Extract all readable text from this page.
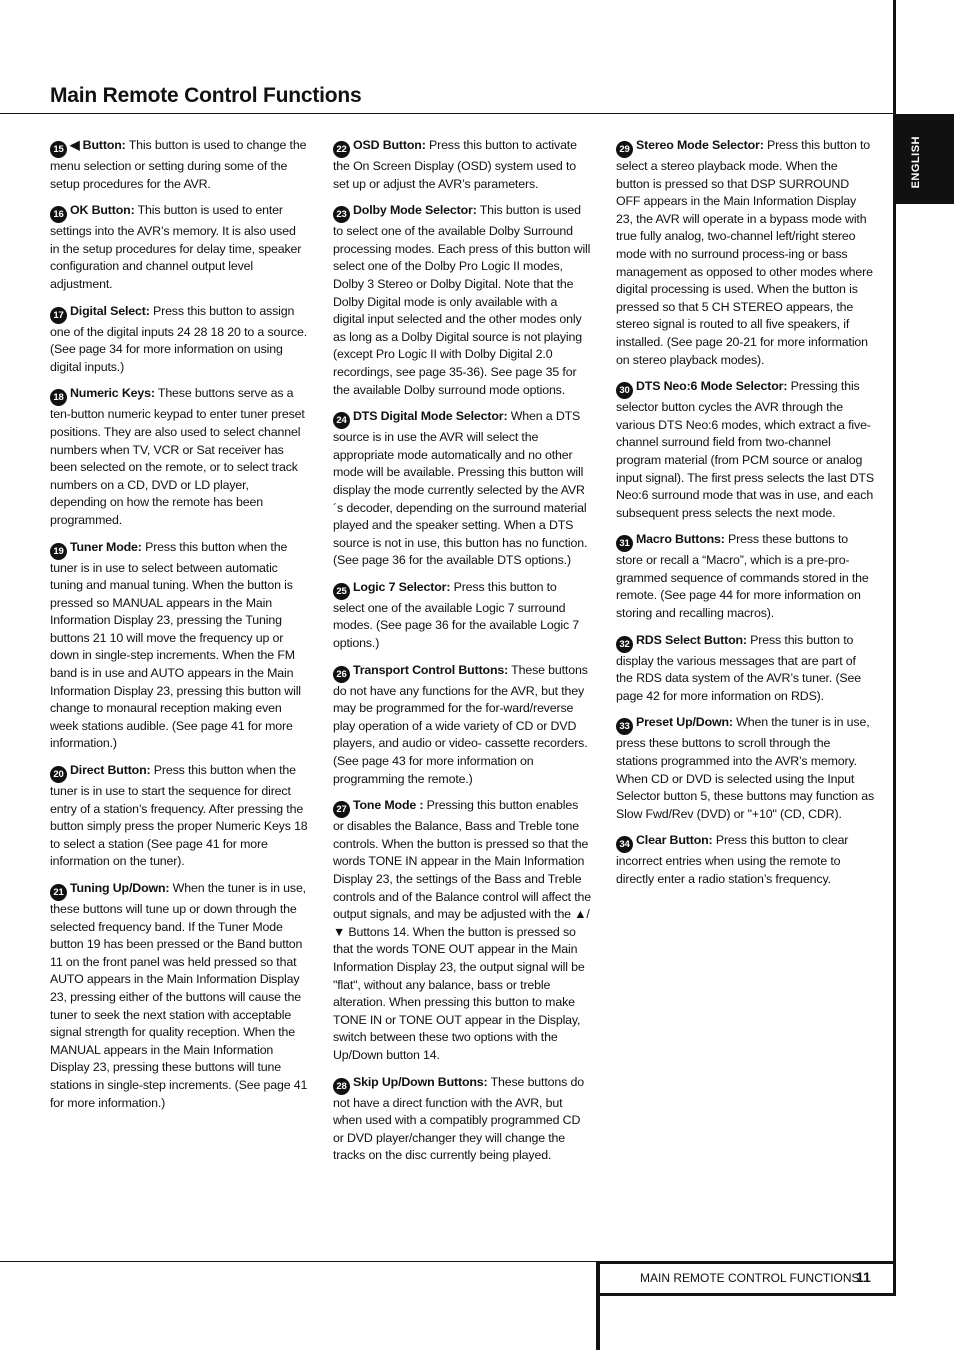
Main Remote Control Functions
ENGLISH
15 ◀ Button: This button is used to change the menu selection or setting during some of the setup procedures for the AVR.
16 OK Button: This button is used to enter settings into the AVR’s memory. It is also used in the setup procedures for delay time, speaker configuration and channel output level adjustment.
17 Digital Select: Press this button to assign one of the digital inputs 24 28 18 20 to a source. (See page 34 for more information on using digital inputs.)
18 Numeric Keys: These buttons serve as a ten-button numeric keypad to enter tuner preset positions. They are also used to select channel numbers when TV, VCR or Sat receiver has been selected on the remote, or to select track numbers on a CD, DVD or LD player, depending on how the remote has been programmed.
19 Tuner Mode: Press this button when the tuner is in use to select between automatic tuning and manual tuning. When the button is pressed so MANUAL appears in the Main Information Display 23, pressing the Tuning buttons 21 10 will move the frequency up or down in single-step increments. When the FM band is in use and AUTO appears in the Main Information Display 23, pressing this button will change to monaural reception making even week stations audible. (See page 41 for more information.)
20 Direct Button: Press this button when the tuner is in use to start the sequence for direct entry of a station’s frequency. After pressing the button simply press the proper Numeric Keys 18 to select a station (See page 41 for more information on the tuner).
21 Tuning Up/Down: When the tuner is in use, these buttons will tune up or down through the selected frequency band. If the Tuner Mode button 19 has been pressed or the Band button 11 on the front panel was held pressed so that AUTO appears in the Main Information Display 23, pressing either of the buttons will cause the tuner to seek the next station with acceptable signal strength for quality reception. When the MANUAL appears in the Main Information Display 23, pressing these buttons will tune stations in single-step increments. (See page 41 for more information.)
22 OSD Button: Press this button to activate the On Screen Display (OSD) system used to set up or adjust the AVR’s parameters.
23 Dolby Mode Selector: This button is used to select one of the available Dolby Surround processing modes. Each press of this button will select one of the Dolby Pro Logic II modes, Dolby 3 Stereo or Dolby Digital. Note that the Dolby Digital mode is only available with a digital input selected and the other modes only as long as a Dolby Digital source is not playing (except Pro Logic II with Dolby Digital 2.0 recordings, see page 35-36). See page 35 for the available Dolby surround mode options.
24 DTS Digital Mode Selector: When a DTS source is in use the AVR will select the appropriate mode automatically and no other mode will be available. Pressing this button will display the mode currently selected by the AVR´s decoder, depending on the surround material played and the speaker setting. When a DTS source is not in use, this button has no function. (See page 36 for the available DTS options.)
25 Logic 7 Selector: Press this button to select one of the available Logic 7 surround modes. (See page 36 for the available Logic 7 options.)
26 Transport Control Buttons: These buttons do not have any functions for the AVR, but they may be programmed for the for-ward/reverse play operation of a wide variety of CD or DVD players, and audio or video- cassette recorders. (See page 43 for more information on programming the remote.)
27 Tone Mode : Pressing this button enables or disables the Balance, Bass and Treble tone controls. When the button is pressed so that the words TONE IN appear in the Main Information Display 23, the settings of the Bass and Treble controls and of the Balance control will affect the output signals, and may be adjusted with the ▲/▼ Buttons 14. When the button is pressed so that the words TONE OUT appear in the Main Information Display 23, the output signal will be "flat", without any balance, bass or treble alteration. When pressing this button to make TONE IN or TONE OUT appear in the Display, switch between these two options with the Up/Down button 14.
28 Skip Up/Down Buttons: These buttons do not have a direct function with the AVR, but when used with a compatibly programmed CD or DVD player/changer they will change the tracks on the disc currently being played.
29 Stereo Mode Selector: Press this button to select a stereo playback mode. When the button is pressed so that DSP SURROUND OFF appears in the Main Information Display 23, the AVR will operate in a bypass mode with true fully analog, two-channel left/right stereo mode with no surround process-ing or bass management as opposed to other modes where digital processing is used. When the button is pressed so that 5 CH STEREO appears, the stereo signal is routed to all five speakers, if installed. (See page 20-21 for more information on stereo playback modes).
30 DTS Neo:6 Mode Selector: Pressing this selector button cycles the AVR through the various DTS Neo:6 modes, which extract a five-channel surround field from two-channel program material (from PCM source or analog input signal). The first press selects the last DTS Neo:6 surround mode that was in use, and each subsequent press selects the next mode.
31 Macro Buttons: Press these buttons to store or recall a “Macro”, which is a pre-pro-grammed sequence of commands stored in the remote. (See page 44 for more information on storing and recalling macros).
32 RDS Select Button: Press this button to display the various messages that are part of the RDS data system of the AVR’s tuner. (See page 42 for more information on RDS).
33 Preset Up/Down: When the tuner is in use, press these buttons to scroll through the stations programmed into the AVR’s memory. When CD or DVD is selected using the Input Selector button 5, these buttons may function as Slow Fwd/Rev (DVD) or "+10" (CD, CDR).
34 Clear Button: Press this button to clear incorrect entries when using the remote to directly enter a radio station’s frequency.
MAIN REMOTE CONTROL FUNCTIONS
11
